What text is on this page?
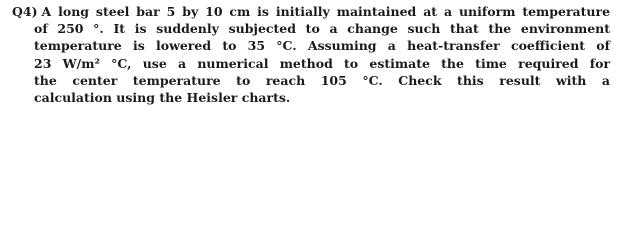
Q4) A long steel bar 5 by 10 cm is initially maintained at a uniform temperature
of 250 °. It is suddenly subjected to a change such that the environment
temperature is lowered to 35 °C. Assuming a heat-transfer coefficient of
23 W/m² °C, use a numerical method to estimate the time required for
the center temperature to reach 105 °C. Check this result with a
calculation using the Heisler charts.
